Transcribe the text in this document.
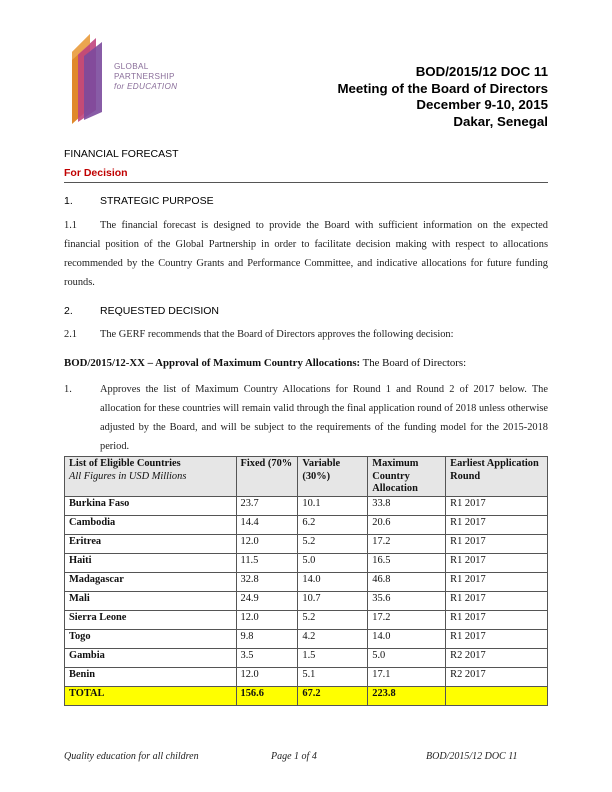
GLOBAL
PARTNERSHIP
for EDUCATION
BOD/2015/12 DOC 11
Meeting of the Board of Directors
December 9-10, 2015
Dakar, Senegal
FINANCIAL FORECAST
For Decision
1.	STRATEGIC PURPOSE
1.1 The financial forecast is designed to provide the Board with sufficient information on the expected financial position of the Global Partnership in order to facilitate decision making with respect to allocations recommended by the Country Grants and Performance Committee, and indicative allocations for future funding rounds.
2.	REQUESTED DECISION
2.1 The GERF recommends that the Board of Directors approves the following decision:
BOD/2015/12-XX – Approval of Maximum Country Allocations: The Board of Directors:
1.	Approves the list of Maximum Country Allocations for Round 1 and Round 2 of 2017 below. The allocation for these countries will remain valid through the final application round of 2018 unless otherwise adjusted by the Board, and will be subject to the requirements of the funding model for the 2015-2018 period.
List of Eligible Countries
All Figures in USD Millions	Fixed (70%	Variable (30%)	Maximum Country Allocation	Earliest Application Round
Burkina Faso	23.7	10.1	33.8	R1 2017
Cambodia	14.4	6.2	20.6	R1 2017
Eritrea	12.0	5.2	17.2	R1 2017
Haiti	11.5	5.0	16.5	R1 2017
Madagascar	32.8	14.0	46.8	R1 2017
Mali	24.9	10.7	35.6	R1 2017
Sierra Leone	12.0	5.2	17.2	R1 2017
Togo	9.8	4.2	14.0	R1 2017
Gambia	3.5	1.5	5.0	R2 2017
Benin	12.0	5.1	17.1	R2 2017
TOTAL	156.6	67.2	223.8	
Quality education for all children	Page 1 of 4	BOD/2015/12 DOC 11
